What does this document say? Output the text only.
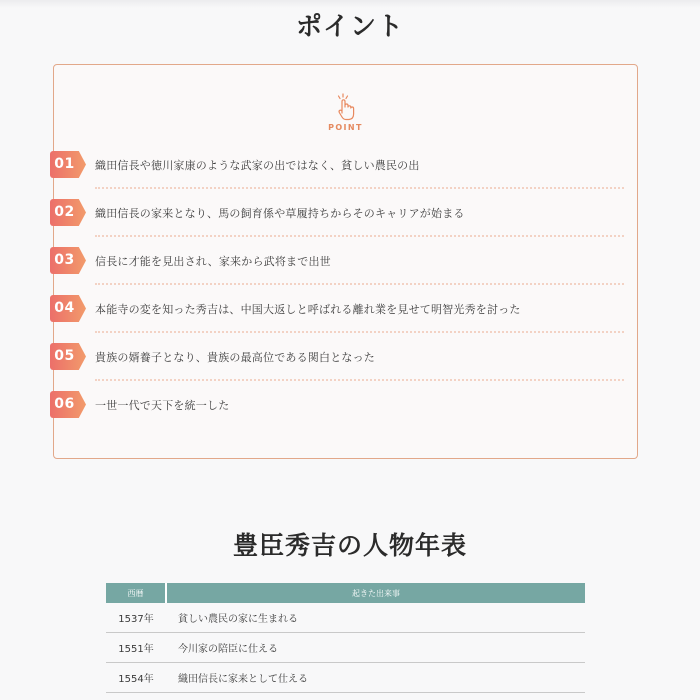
ポイント
POINT
01	織田信長や徳川家康のような武家の出ではなく、貧しい農民の出
02	織田信長の家来となり、馬の飼育係や草履持ちからそのキャリアが始まる
03	信長に才能を見出され、家来から武将まで出世
04	本能寺の変を知った秀吉は、中国大返しと呼ばれる離れ業を見せて明智光秀を討った
05	貴族の婿養子となり、貴族の最高位である関白となった
06	一世一代で天下を統一した
豊臣秀吉の人物年表
西暦	起きた出来事
1537年	貧しい農民の家に生まれる
1551年	今川家の陪臣に仕える
1554年	織田信長に家来として仕える
